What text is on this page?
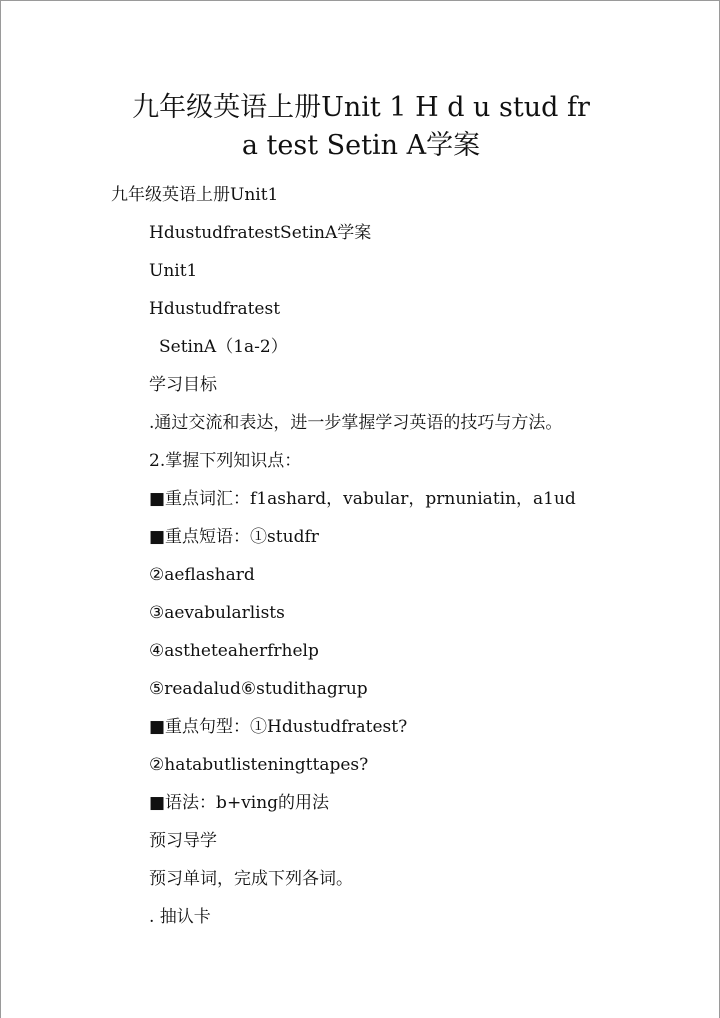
九年级英语上册Unit 1 H d u stud fr
a test Setin A学案
九年级英语上册Unit1
HdustudfratestSetinA学案
Unit1
Hdustudfratest
SetinA（1a-2）
学习目标
.通过交流和表达，进一步掌握学习英语的技巧与方法。
2.掌握下列知识点：
■重点词汇：f1ashard，vabular，prnuniatin，a1ud
■重点短语：①studfr
②aeflashard
③aevabularlists
④astheteaherfrhelp
⑤readalud⑥studithagrup
■重点句型：①Hdustudfratest?
②hatabutlisteningttapes?
■语法：b+ving的用法
预习导学
预习单词，完成下列各词。
. 抽认卡
